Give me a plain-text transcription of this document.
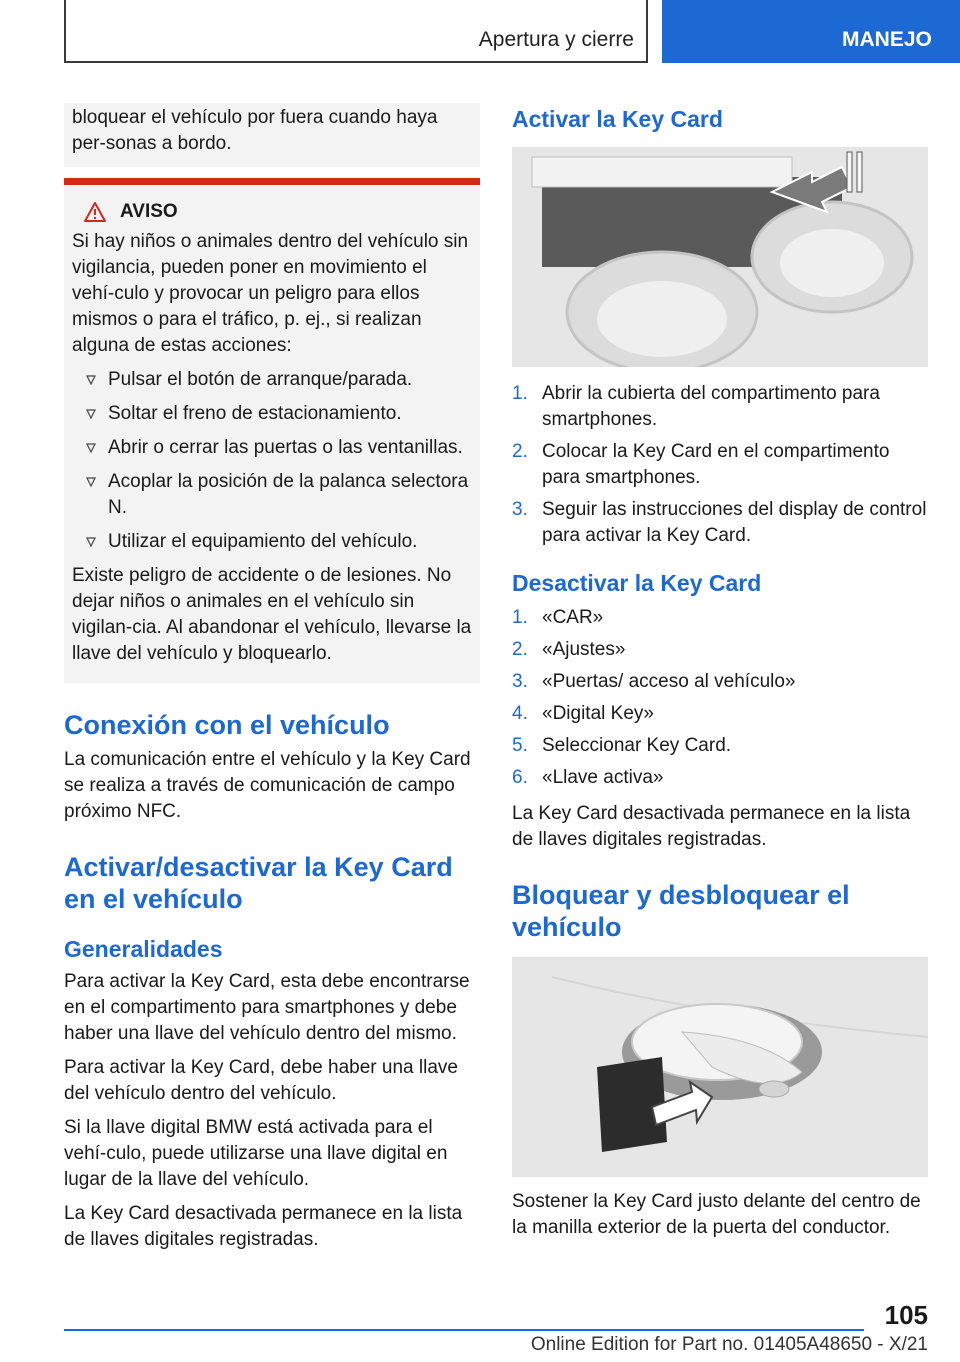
Apertura y cierre	MANEJO
bloquear el vehículo por fuera cuando haya per-sonas a bordo.
AVISO
Si hay niños o animales dentro del vehículo sin vigilancia, pueden poner en movimiento el vehí-culo y provocar un peligro para ellos mismos o para el tráfico, p. ej., si realizan alguna de estas acciones:
Pulsar el botón de arranque/parada.
Soltar el freno de estacionamiento.
Abrir o cerrar las puertas o las ventanillas.
Acoplar la posición de la palanca selectora N.
Utilizar el equipamiento del vehículo.
Existe peligro de accidente o de lesiones. No dejar niños o animales en el vehículo sin vigilan-cia. Al abandonar el vehículo, llevarse la llave del vehículo y bloquearlo.
Conexión con el vehículo

La comunicación entre el vehículo y la Key Card se realiza a través de comunicación de campo próximo NFC.

Activar/desactivar la Key Card en el vehículo
Generalidades

Para activar la Key Card, esta debe encontrarse en el compartimento para smartphones y debe haber una llave del vehículo dentro del mismo.

Para activar la Key Card, debe haber una llave del vehículo dentro del vehículo.

Si la llave digital BMW está activada para el vehí-culo, puede utilizarse una llave digital en lugar de la llave del vehículo.

La Key Card desactivada permanece en la lista de llaves digitales registradas.

Activar la Key Card
1. Abrir la cubierta del compartimento para smartphones.
2. Colocar la Key Card en el compartimento para smartphones.
3. Seguir las instrucciones del display de control para activar la Key Card.
Desactivar la Key Card
1. «CAR»
2. «Ajustes»
3. «Puertas/ acceso al vehículo»
4. «Digital Key»
5. Seleccionar Key Card.
6. «Llave activa»

La Key Card desactivada permanece en la lista de llaves digitales registradas.

Bloquear y desbloquear el vehículo

Sostener la Key Card justo delante del centro de la manilla exterior de la puerta del conductor.

105
Online Edition for Part no. 01405A48650 - X/21
